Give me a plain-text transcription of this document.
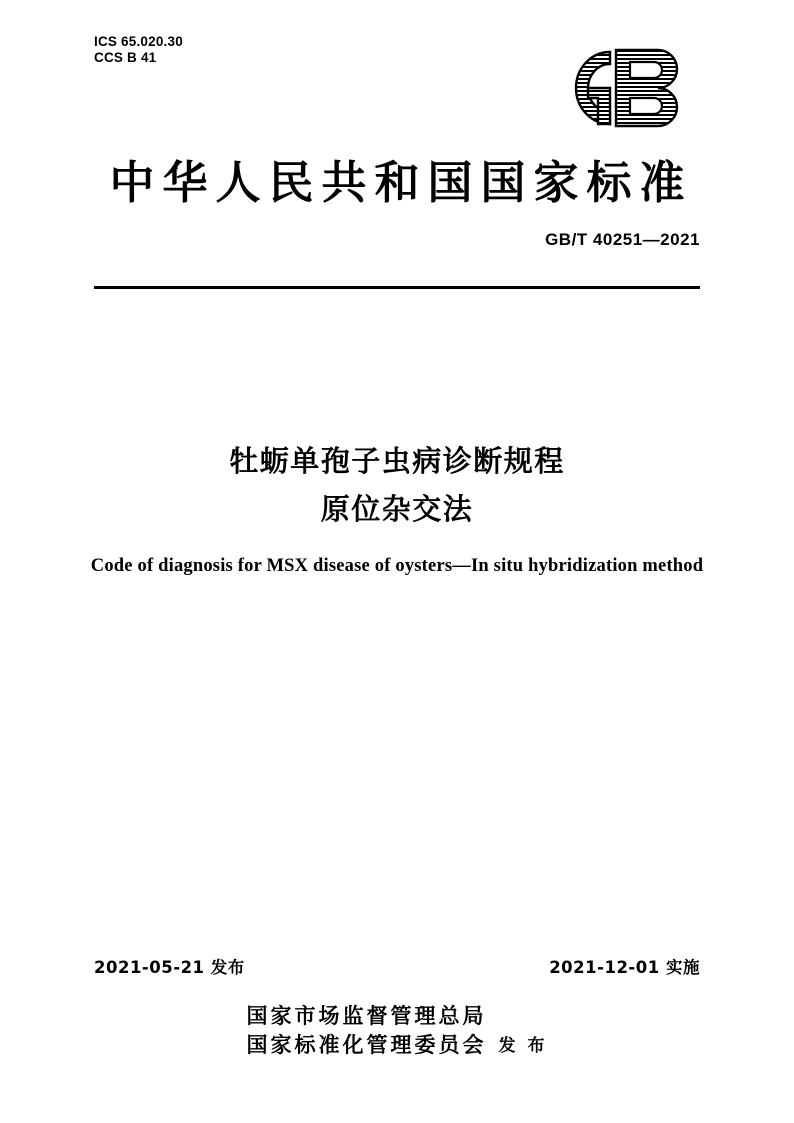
ICS 65.020.30
CCS B 41
中华人民共和国国家标准
GB/T 40251—2021
牡蛎单孢子虫病诊断规程
原位杂交法
Code of diagnosis for MSX disease of oysters—In situ hybridization method
2021-05-21 发布	2021-12-01 实施
国家市场监督管理总局
国家标准化管理委员会 发 布
